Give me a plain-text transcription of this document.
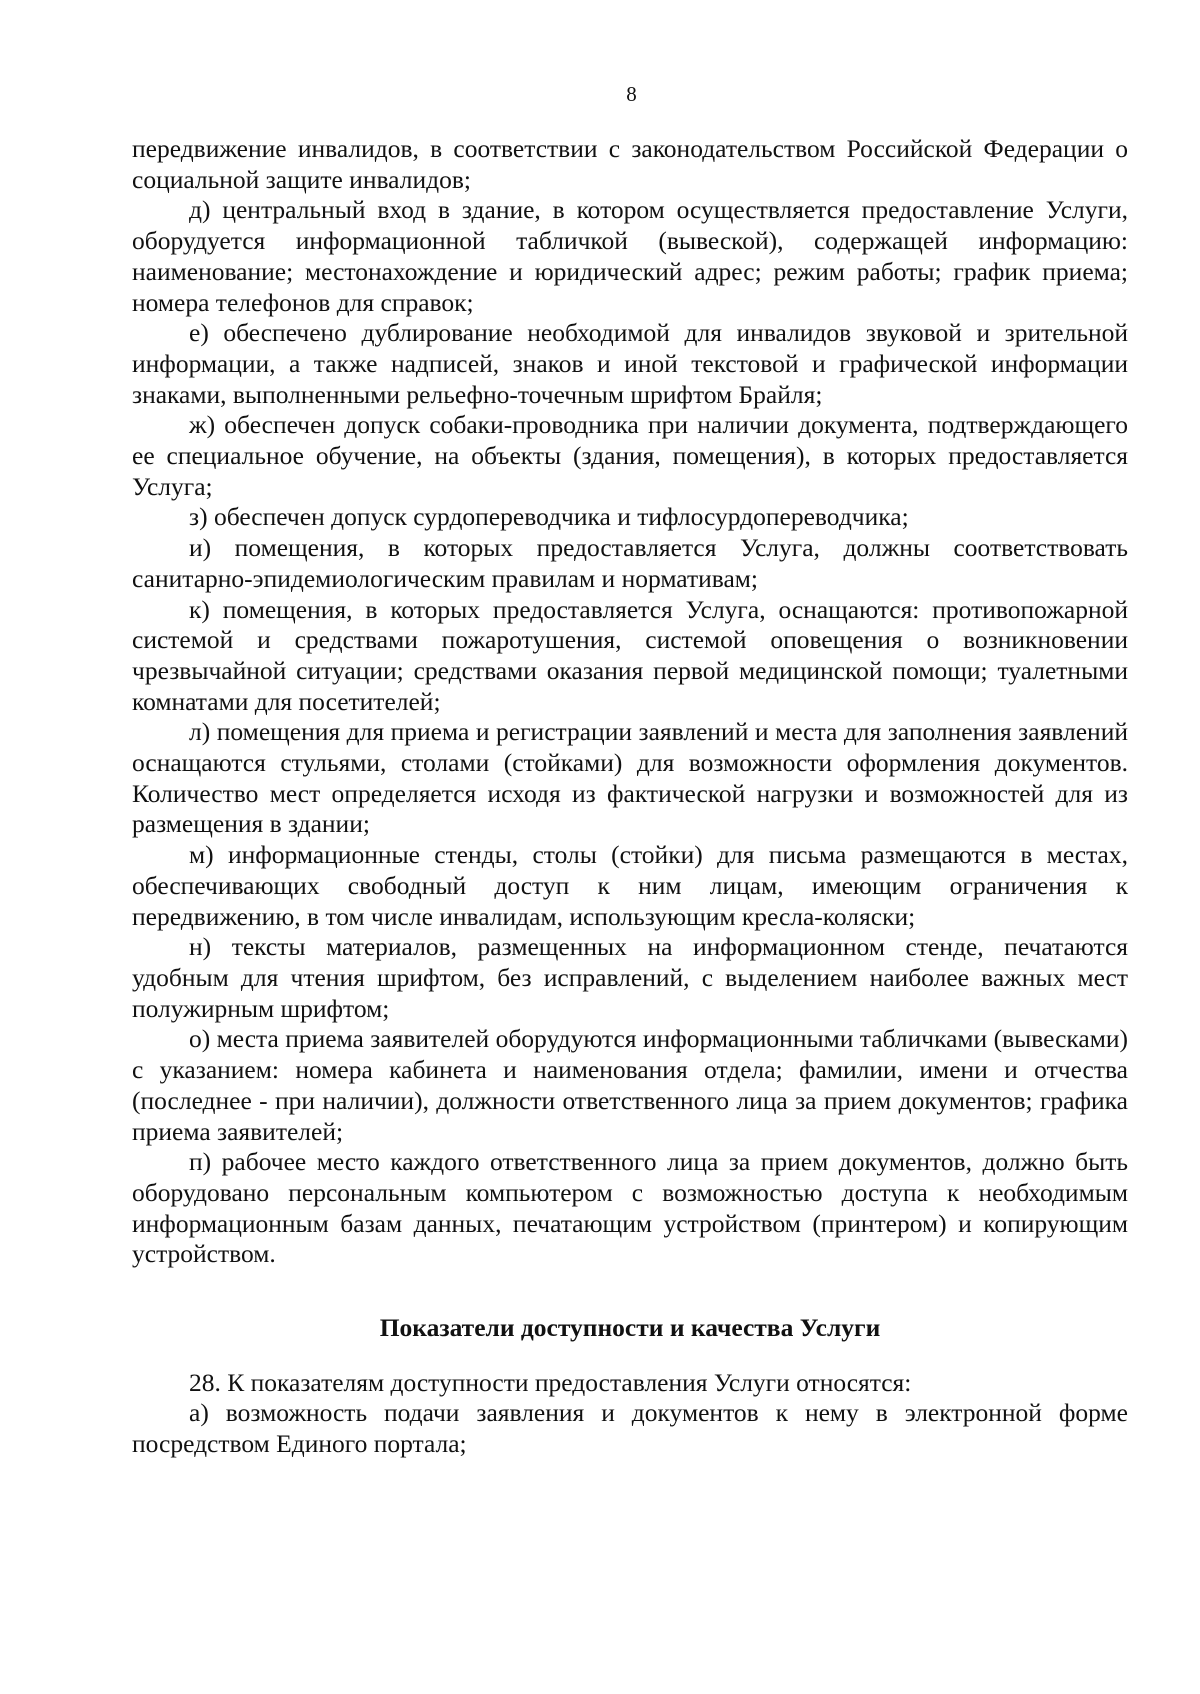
8

передвижение инвалидов, в соответствии с законодательством Российской Федерации о социальной защите инвалидов;

д) центральный вход в здание, в котором осуществляется предоставление Услуги, оборудуется информационной табличкой (вывеской), содержащей информацию: наименование; местонахождение и юридический адрес; режим работы; график приема; номера телефонов для справок;

е) обеспечено дублирование необходимой для инвалидов звуковой и зрительной информации, а также надписей, знаков и иной текстовой и графической информации знаками, выполненными рельефно-точечным шрифтом Брайля;

ж) обеспечен допуск собаки-проводника при наличии документа, подтверждающего ее специальное обучение, на объекты (здания, помещения), в которых предоставляется Услуга;

з) обеспечен допуск сурдопереводчика и тифлосурдопереводчика;

и) помещения, в которых предоставляется Услуга, должны соответствовать санитарно-эпидемиологическим правилам и нормативам;

к) помещения, в которых предоставляется Услуга, оснащаются: противопожарной системой и средствами пожаротушения, системой оповещения о возникновении чрезвычайной ситуации; средствами оказания первой медицинской помощи; туалетными комнатами для посетителей;

л) помещения для приема и регистрации заявлений и места для заполнения заявлений оснащаются стульями, столами (стойками) для возможности оформления документов. Количество мест определяется исходя из фактической нагрузки и возможностей для из размещения в здании;

м) информационные стенды, столы (стойки) для письма размещаются в местах, обеспечивающих свободный доступ к ним лицам, имеющим ограничения к передвижению, в том числе инвалидам, использующим кресла-коляски;

н) тексты материалов, размещенных на информационном стенде, печатаются удобным для чтения шрифтом, без исправлений, с выделением наиболее важных мест полужирным шрифтом;

о) места приема заявителей оборудуются информационными табличками (вывесками) с указанием: номера кабинета и наименования отдела; фамилии, имени и отчества (последнее - при наличии), должности ответственного лица за прием документов; графика приема заявителей;

п) рабочее место каждого ответственного лица за прием документов, должно быть оборудовано персональным компьютером с возможностью доступа к необходимым информационным базам данных, печатающим устройством (принтером) и копирующим устройством.

Показатели доступности и качества Услуги

28. К показателям доступности предоставления Услуги относятся:

а) возможность подачи заявления и документов к нему в электронной форме посредством Единого портала;
